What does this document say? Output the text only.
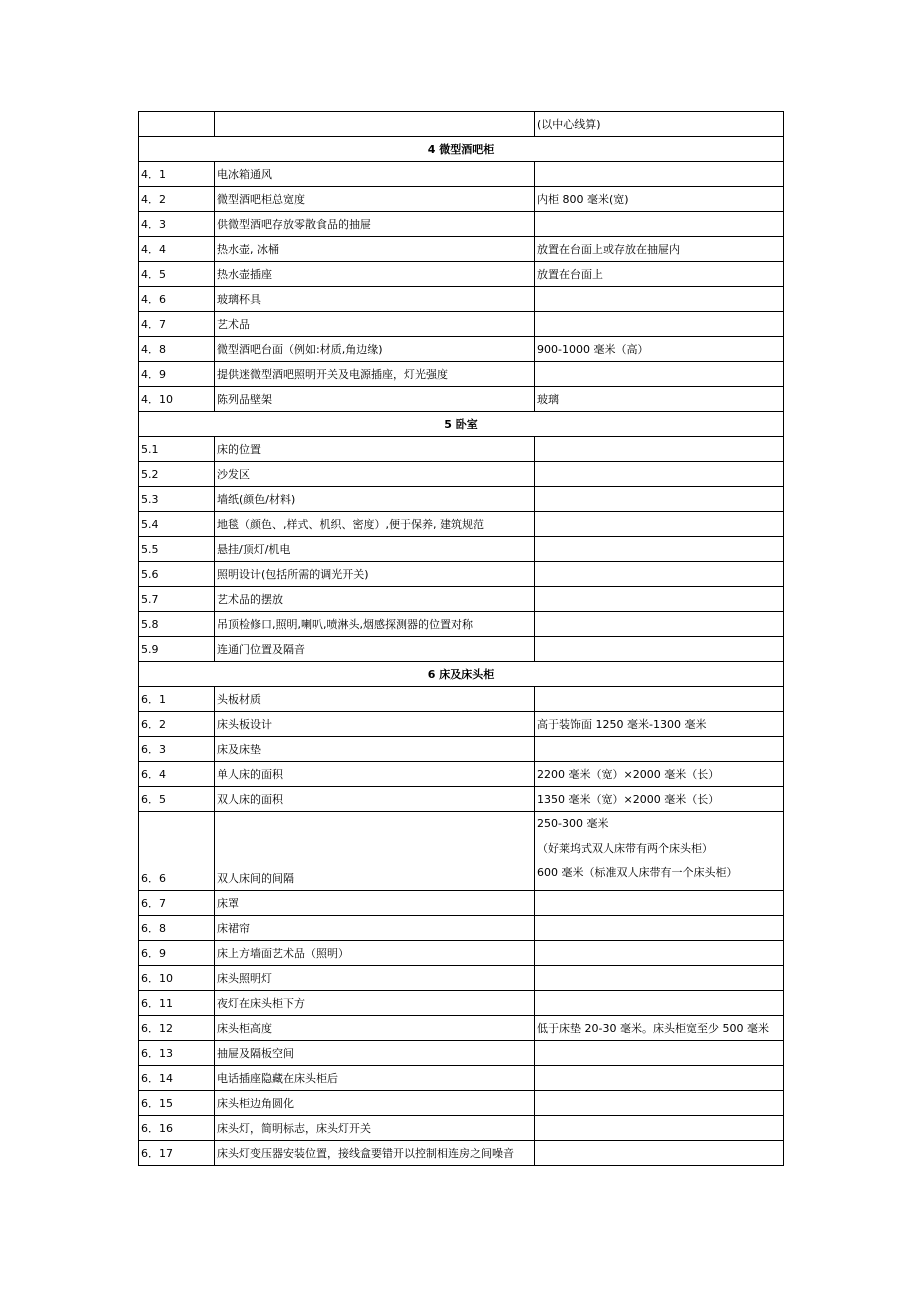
		(以中心线算)
4 微型酒吧柜		
4．1	电冰箱通风	
4．2	微型酒吧柜总宽度	内柜 800 毫米(宽)
4．3	供微型酒吧存放零散食品的抽屉	
4．4	热水壶, 冰桶	放置在台面上或存放在抽屉内
4．5	热水壶插座	放置在台面上
4．6	玻璃杯具	
4．7	艺术品	
4．8	微型酒吧台面（例如:材质,角边缘)	900-1000 毫米（高）
4．9	提供迷微型酒吧照明开关及电源插座，灯光强度	
4．10	陈列品壁架	玻璃
5 卧室		
5.1	床的位置	
5.2	沙发区	
5.3	墙纸(颜色/材料)	
5.4	地毯（颜色、,样式、机织、密度）,便于保养, 建筑规范	
5.5	悬挂/顶灯/机电	
5.6	照明设计(包括所需的调光开关)	
5.7	艺术品的摆放	
5.8	吊顶检修口,照明,喇叭,喷淋头,烟感探测器的位置对称	
5.9	连通门位置及隔音	
6 床及床头柜		
6．1	头板材质	
6．2	床头板设计	高于装饰面 1250 毫米-1300 毫米
6．3	床及床垫	
6．4	单人床的面积	2200 毫米（宽）×2000 毫米（长）
6．5	双人床的面积	1350 毫米（宽）×2000 毫米（长）
6．6	双人床间的间隔	250-300 毫米
（好莱坞式双人床带有两个床头柜）
600 毫米（标准双人床带有一个床头柜）

6．7	床罩	
6．8	床裙帘	
6．9	床上方墙面艺术品（照明）	
6．10	床头照明灯	
6．11	夜灯在床头柜下方	
6．12	床头柜高度	低于床垫 20-30 毫米。床头柜宽至少 500 毫米
6．13	抽屉及隔板空间	
6．14	电话插座隐藏在床头柜后	
6．15	床头柜边角圆化	
6．16	床头灯，简明标志，床头灯开关	
6．17	床头灯变压器安装位置，接线盒要错开以控制相连房之间噪音	
